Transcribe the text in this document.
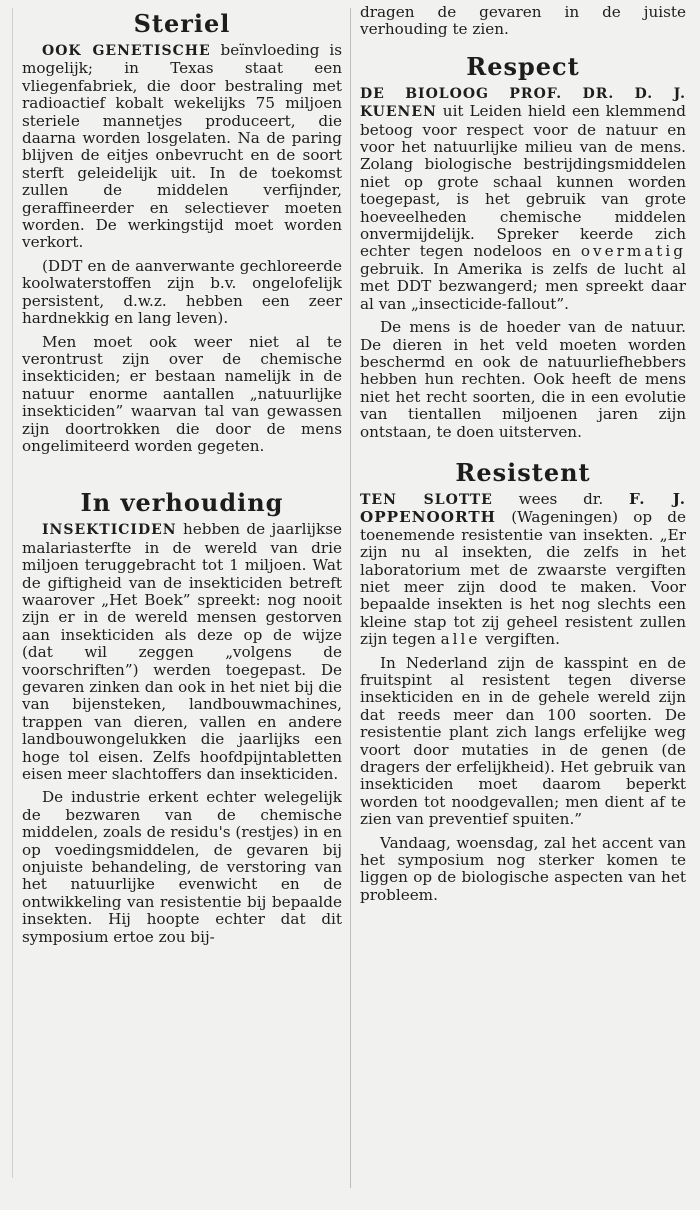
Steriel

OOK GENETISCHE beïnvloeding is mogelijk; in Texas staat een vliegenfabriek, die door bestraling met radioactief kobalt wekelijks 75 miljoen steriele mannetjes produceert, die daarna worden losgelaten. Na de paring blijven de eitjes onbevrucht en de soort sterft geleidelijk uit. In de toekomst zullen de middelen verfijnder, geraffineerder en selectiever moeten worden. De werkingstijd moet worden verkort.

(DDT en de aanverwante gechloreerde koolwaterstoffen zijn b.v. ongelofelijk persistent, d.w.z. hebben een zeer hardnekkig en lang leven).

Men moet ook weer niet al te verontrust zijn over de chemische insekticiden; er bestaan namelijk in de natuur enorme aantallen „natuurlijke insekticiden” waarvan tal van gewassen zijn doortrokken die door de mens ongelimiteerd worden gegeten.

In verhouding

INSEKTICIDEN hebben de jaarlijkse malariasterfte in de wereld van drie miljoen teruggebracht tot 1 miljoen. Wat de giftigheid van de insekticiden betreft waarover „Het Boek” spreekt: nog nooit zijn er in de wereld mensen gestorven aan insekticiden als deze op de wijze (dat wil zeggen „volgens de voorschriften”) werden toegepast. De gevaren zinken dan ook in het niet bij die van bijensteken, landbouwmachines, trappen van dieren, vallen en andere landbouwongelukken die jaarlijks een hoge tol eisen. Zelfs hoofdpijntabletten eisen meer slachtoffers dan insekticiden.

De industrie erkent echter welegelijk de bezwaren van de chemische middelen, zoals de residu's (restjes) in en op voedingsmiddelen, de gevaren bij onjuiste behandeling, de verstoring van het natuurlijke evenwicht en de ontwikkeling van resistentie bij bepaalde insekten. Hij hoopte echter dat dit symposium ertoe zou bij-

dragen de gevaren in de juiste verhouding te zien.

Respect

DE BIOLOOG PROF. DR. D. J. KUENEN uit Leiden hield een klemmend betoog voor respect voor de natuur en voor het natuurlijke milieu van de mens. Zolang biologische bestrijdingsmiddelen niet op grote schaal kunnen worden toegepast, is het gebruik van grote hoeveelheden chemische middelen onvermijdelijk. Spreker keerde zich echter tegen nodeloos en overmatig gebruik. In Amerika is zelfs de lucht al met DDT bezwangerd; men spreekt daar al van „insecticide-fallout”.

De mens is de hoeder van de natuur. De dieren in het veld moeten worden beschermd en ook de natuurliefhebbers hebben hun rechten. Ook heeft de mens niet het recht soorten, die in een evolutie van tientallen miljoenen jaren zijn ontstaan, te doen uitsterven.

Resistent

TEN SLOTTE wees dr. F. J. OPPENOORTH (Wageningen) op de toenemende resistentie van insekten. „Er zijn nu al insekten, die zelfs in het laboratorium met de zwaarste vergiften niet meer zijn dood te maken. Voor bepaalde insekten is het nog slechts een kleine stap tot zij geheel resistent zullen zijn tegen alle vergiften.

In Nederland zijn de kasspint en de fruitspint al resistent tegen diverse insekticiden en in de gehele wereld zijn dat reeds meer dan 100 soorten. De resistentie plant zich langs erfelijke weg voort door mutaties in de genen (de dragers der erfelijkheid). Het gebruik van insekticiden moet daarom beperkt worden tot noodgevallen; men dient af te zien van preventief spuiten.”

Vandaag, woensdag, zal het accent van het symposium nog sterker komen te liggen op de biologische aspecten van het probleem.
